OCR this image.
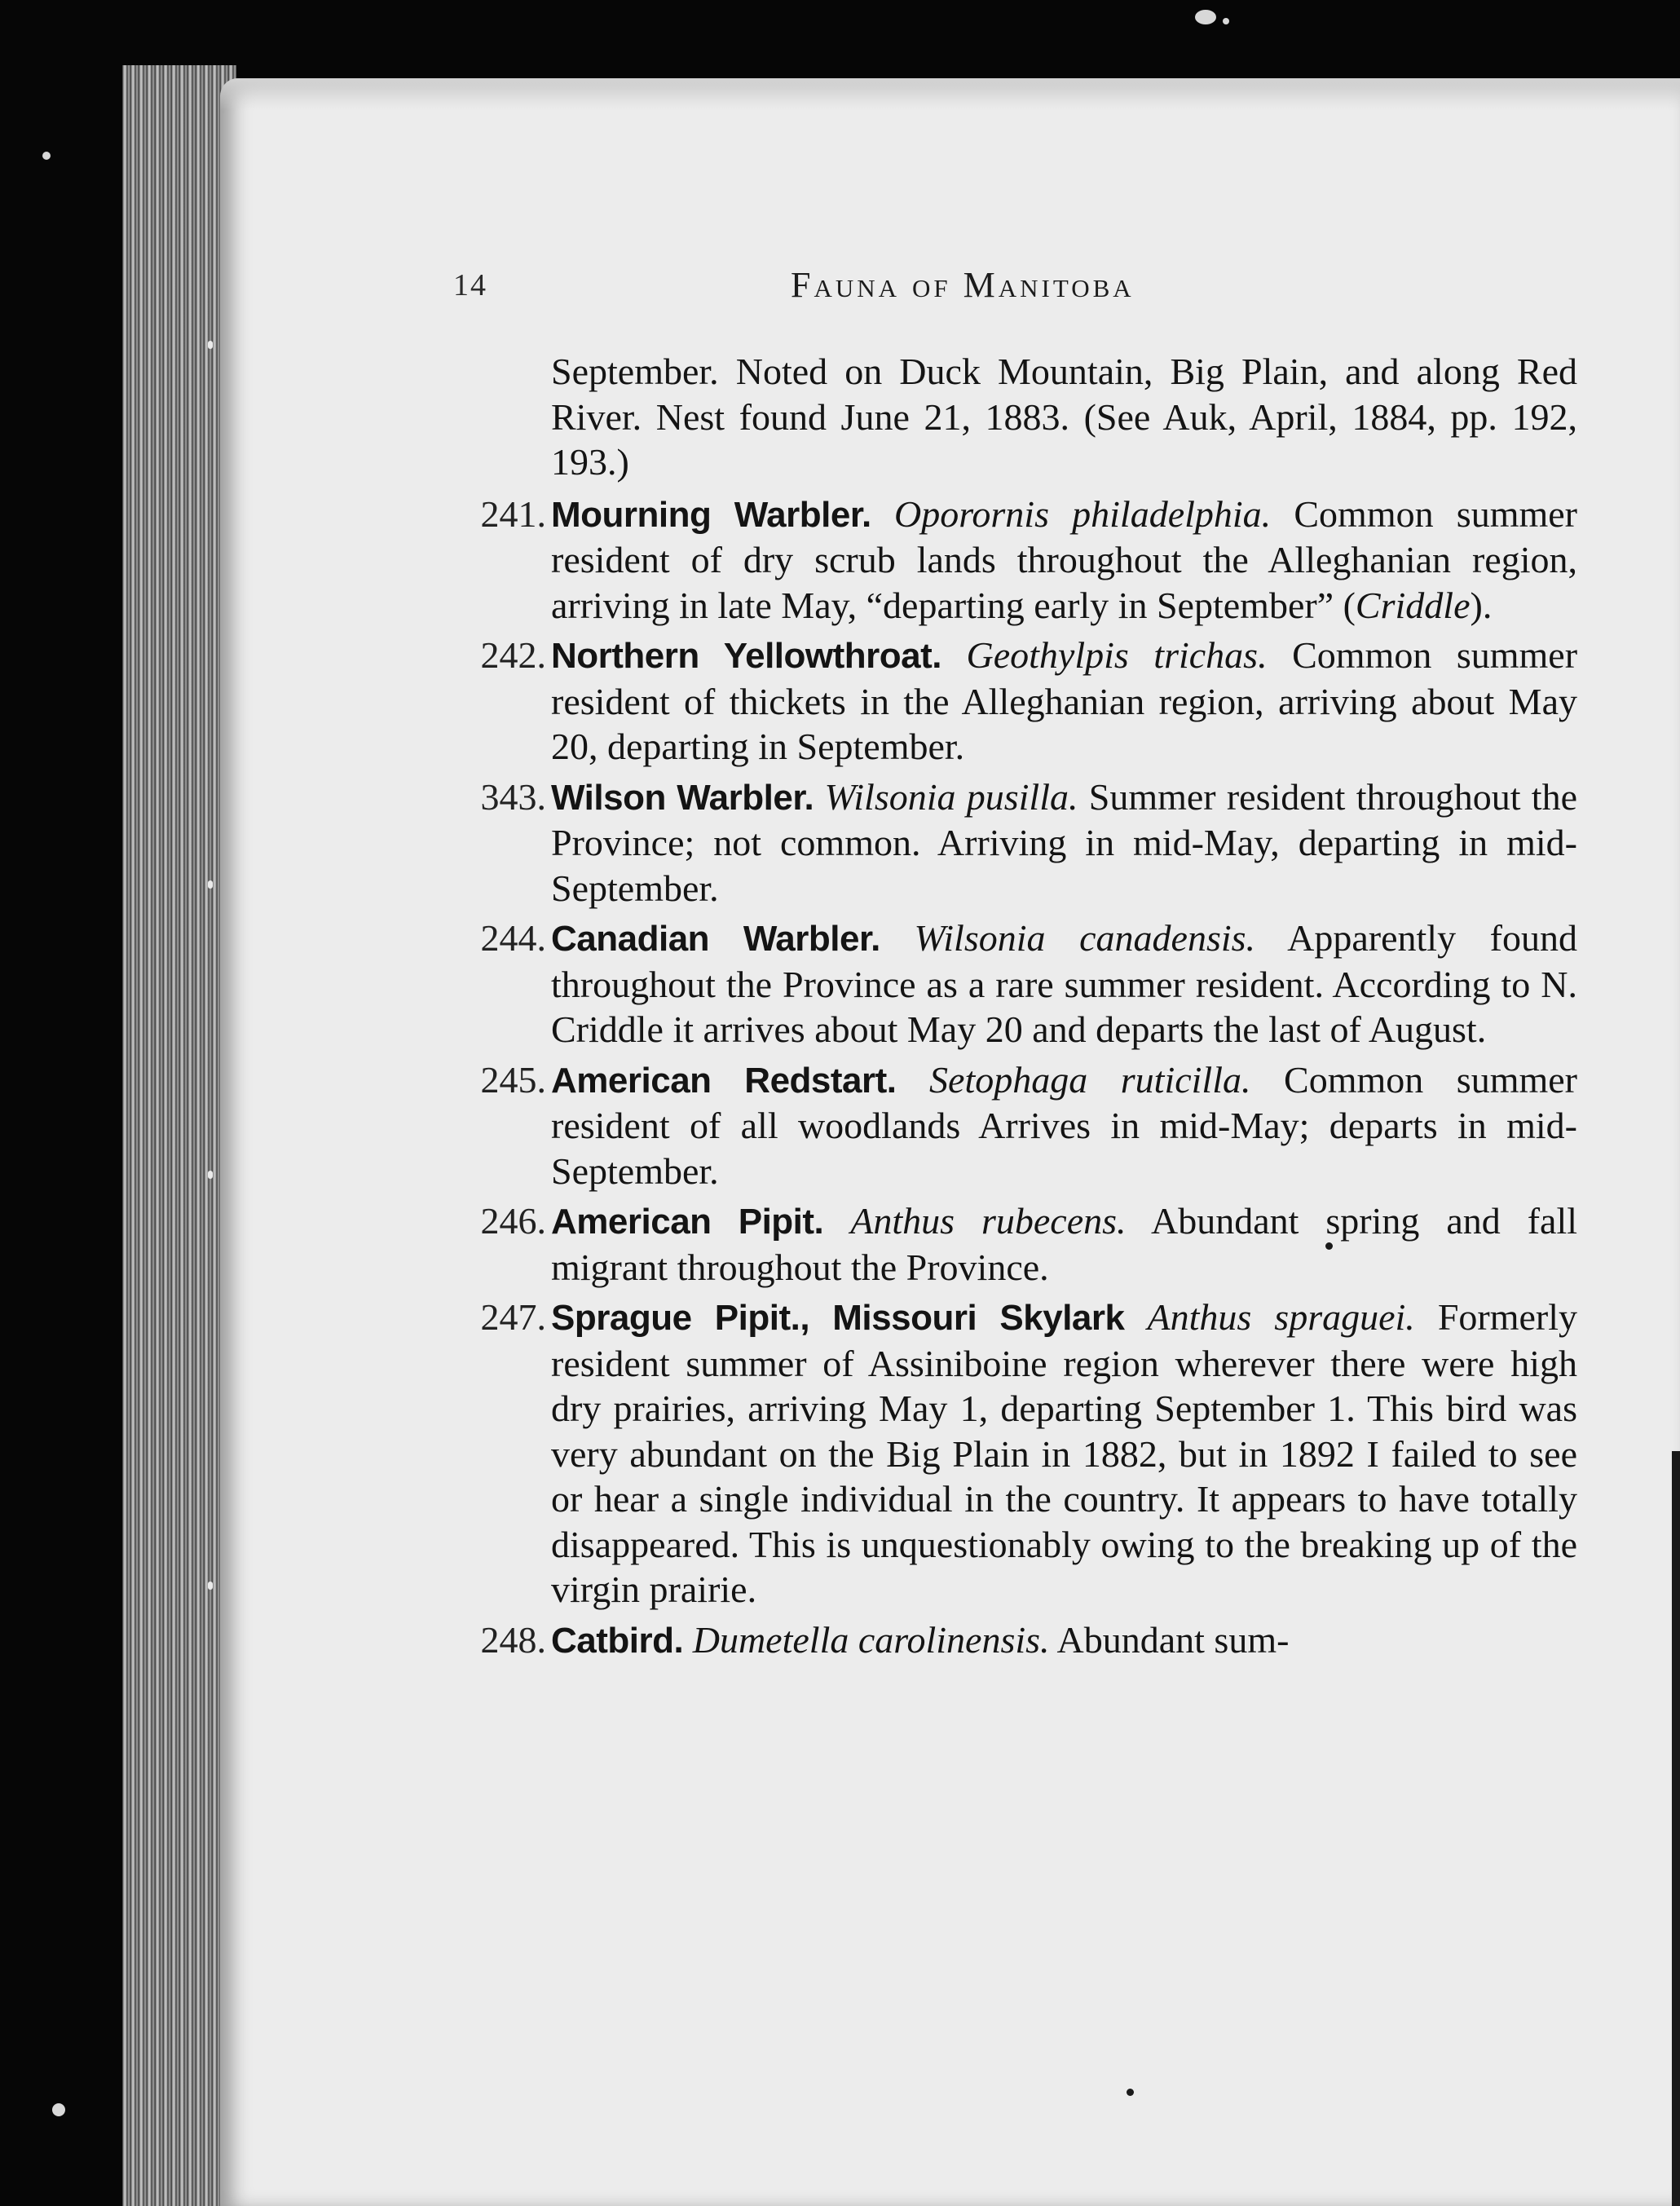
14	Fauna of Manitoba
September. Noted on Duck Mountain, Big Plain, and along Red River. Nest found June 21, 1883. (See Auk, April, 1884, pp. 192, 193.)
241. Mourning Warbler. Oporornis philadelphia. Common summer resident of dry scrub lands throughout the Alleghanian region, arriving in late May, “departing early in September” (Criddle).
242. Northern Yellowthroat. Geothylpis trichas. Common summer resident of thickets in the Alleghanian region, arriving about May 20, departing in September.
343. Wilson Warbler. Wilsonia pusilla. Summer resident throughout the Province; not common. Arriving in mid-May, departing in mid-September.
244. Canadian Warbler. Wilsonia canadensis. Apparently found throughout the Province as a rare summer resident. According to N. Criddle it arrives about May 20 and departs the last of August.
245. American Redstart. Setophaga ruticilla. Common summer resident of all woodlands Arrives in mid-May; departs in mid-September.
246. American Pipit. Anthus rubecens. Abundant spring and fall migrant throughout the Province.
247. Sprague Pipit., Missouri Skylark Anthus spraguei. Formerly resident summer of Assiniboine region wherever there were high dry prairies, arriving May 1, departing September 1. This bird was very abundant on the Big Plain in 1882, but in 1892 I failed to see or hear a single individual in the country. It appears to have totally disappeared. This is unquestionably owing to the breaking up of the virgin prairie.
248. Catbird. Dumetella carolinensis. Abundant sum-
